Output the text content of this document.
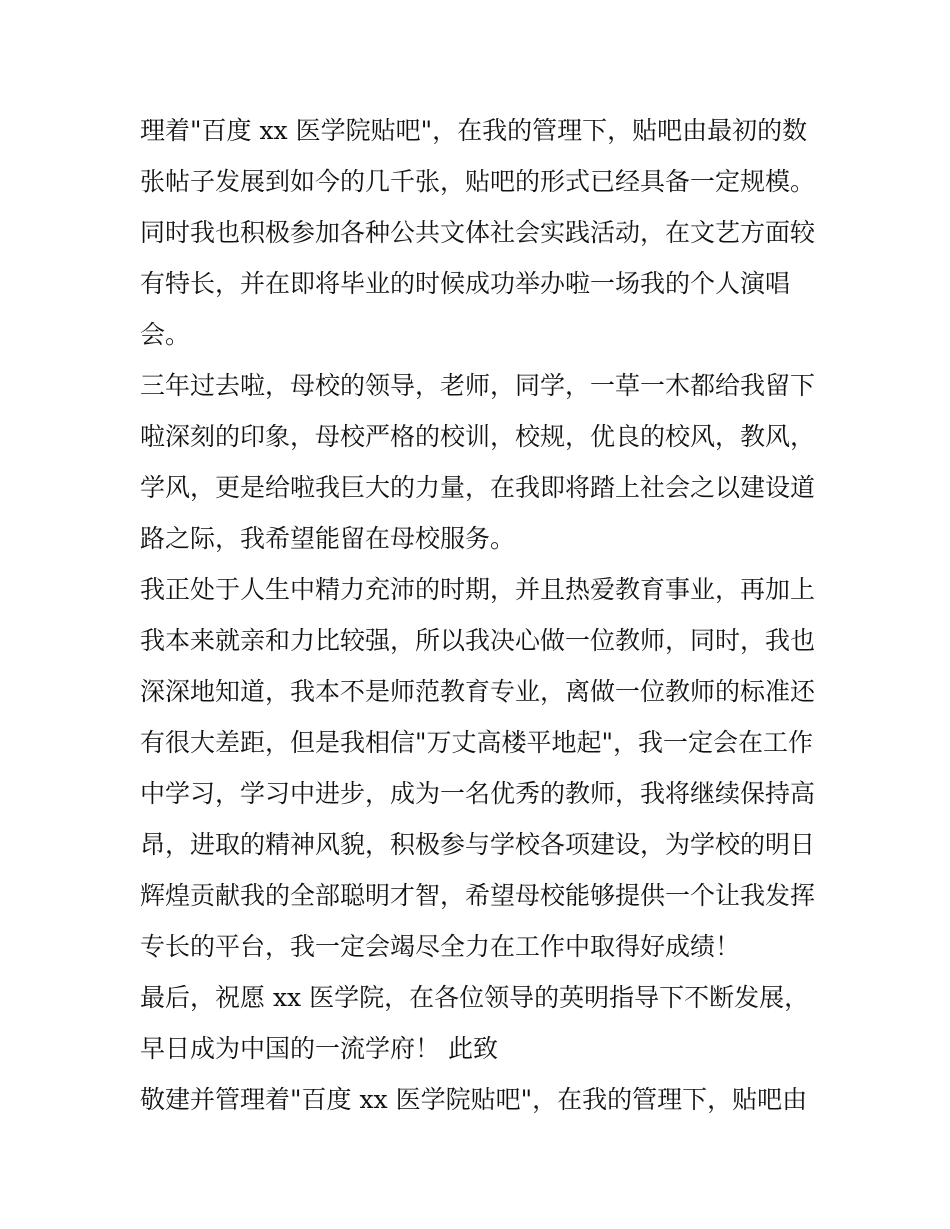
理着"百度 xx 医学院贴吧"，在我的管理下，贴吧由最初的数
张帖子发展到如今的几千张，贴吧的形式已经具备一定规模。
同时我也积极参加各种公共文体社会实践活动，在文艺方面较
有特长，并在即将毕业的时候成功举办啦一场我的个人演唱
会。
三年过去啦，母校的领导，老师，同学，一草一木都给我留下
啦深刻的印象，母校严格的校训，校规，优良的校风，教风，
学风，更是给啦我巨大的力量，在我即将踏上社会之以建设道
路之际，我希望能留在母校服务。
我正处于人生中精力充沛的时期，并且热爱教育事业，再加上
我本来就亲和力比较强，所以我决心做一位教师，同时，我也
深深地知道，我本不是师范教育专业，离做一位教师的标准还
有很大差距，但是我相信"万丈高楼平地起"，我一定会在工作
中学习，学习中进步，成为一名优秀的教师，我将继续保持高
昂，进取的精神风貌，积极参与学校各项建设，为学校的明日
辉煌贡献我的全部聪明才智，希望母校能够提供一个让我发挥
专长的平台，我一定会竭尽全力在工作中取得好成绩！
最后，祝愿 xx 医学院，在各位领导的英明指导下不断发展，
早日成为中国的一流学府！ 此致
敬建并管理着"百度 xx 医学院贴吧"，在我的管理下，贴吧由
